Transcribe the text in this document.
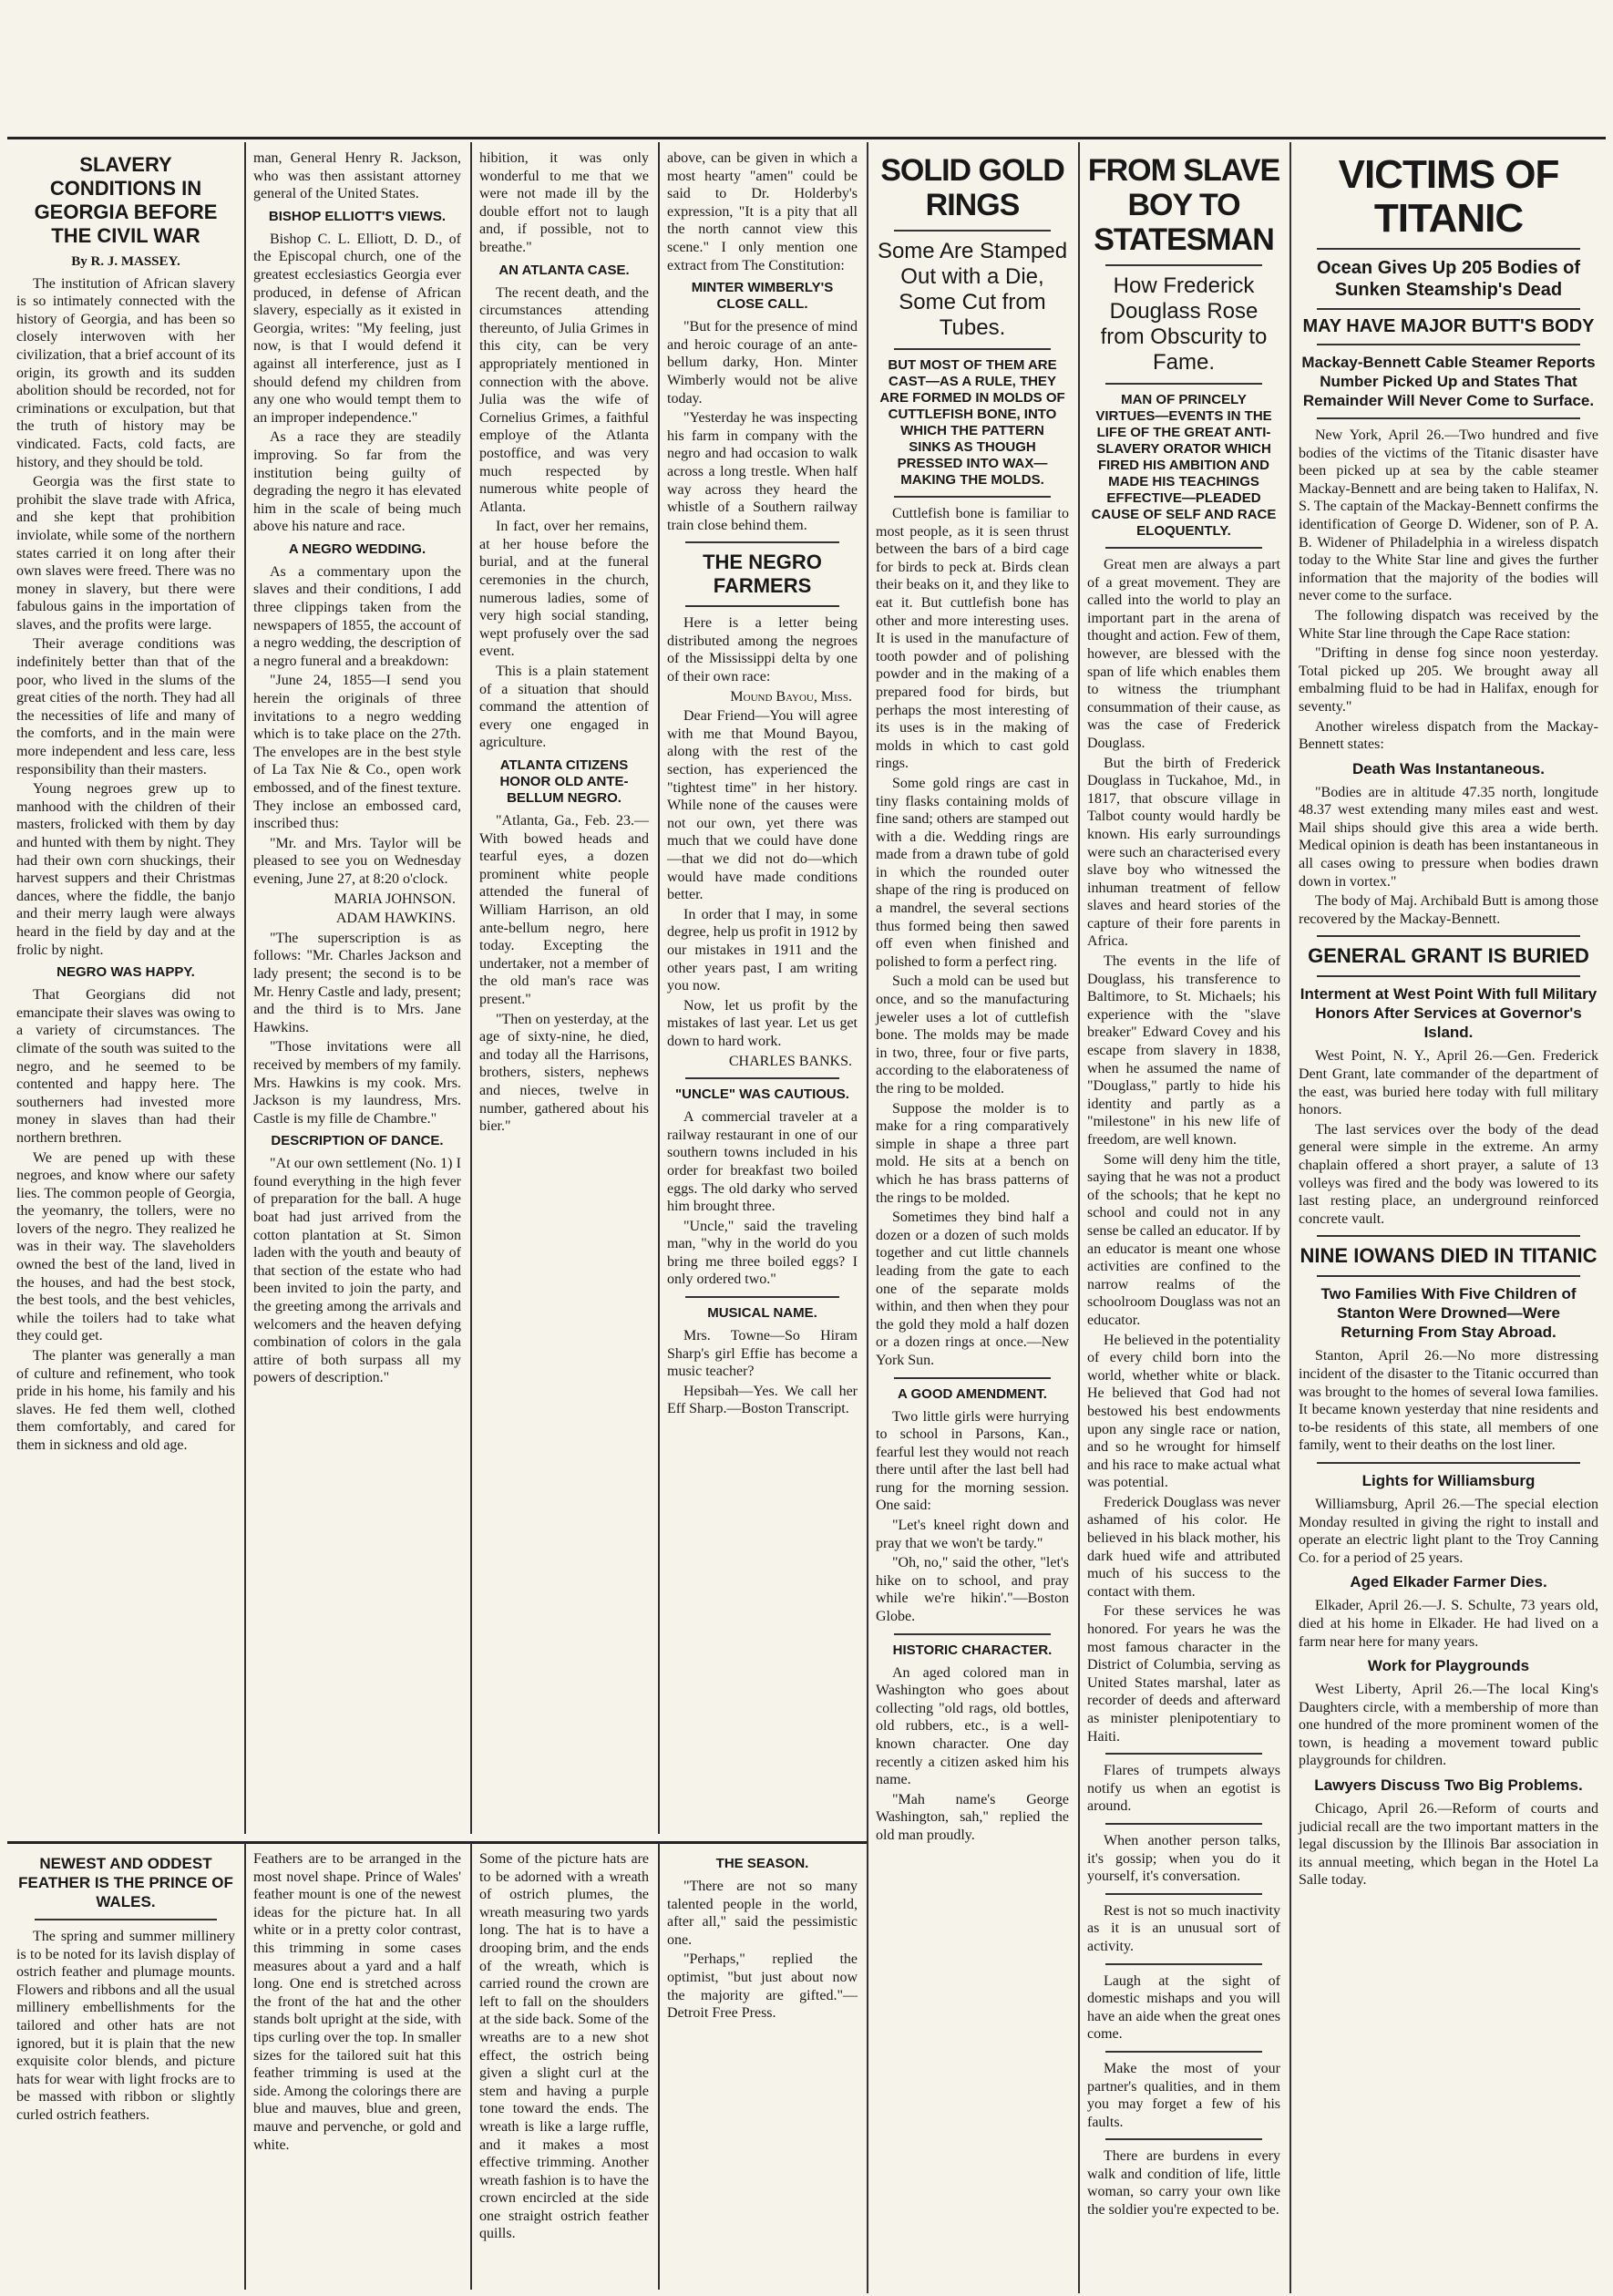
SLAVERY CONDITIONS IN GEORGIA BEFORE THE CIVIL WAR
By R. J. MASSEY.

The institution of African slavery is so intimately connected with the history of Georgia, and has been so closely interwoven with her civilization, that a brief account of its origin, its growth and its sudden abolition should be recorded, not for criminations or exculpation, but that the truth of history may be vindicated. Facts, cold facts, are history, and they should be told.

Georgia was the first state to prohibit the slave trade with Africa, and she kept that prohibition inviolate, while some of the northern states carried it on long after their own slaves were freed. There was no money in slavery, but there were fabulous gains in the importation of slaves, and the profits were large.

Their average conditions was indefinitely better than that of the poor, who lived in the slums of the great cities of the north. They had all the necessities of life and many of the comforts, and in the main were more independent and less care, less responsibility than their masters.

Young negroes grew up to manhood with the children of their masters, frolicked with them by day and hunted with them by night. They had their own corn shuckings, their harvest suppers and their Christmas dances, where the fiddle, the banjo and their merry laugh were always heard in the field by day and at the frolic by night.

NEGRO WAS HAPPY.

That Georgians did not emancipate their slaves was owing to a variety of circumstances. The climate of the south was suited to the negro, and he seemed to be contented and happy here. The southerners had invested more money in slaves than had their northern brethren.

We are pened up with these negroes, and know where our safety lies. The common people of Georgia, the yeomanry, the tollers, were no lovers of the negro. They realized he was in their way. The slaveholders owned the best of the land, lived in the houses, and had the best stock, the best tools, and the best vehicles, while the toilers had to take what they could get.

The planter was generally a man of culture and refinement, who took pride in his home, his family and his slaves. He fed them well, clothed them comfortably, and cared for them in sickness and old age.

man, General Henry R. Jackson, who was then assistant attorney general of the United States.

BISHOP ELLIOTT'S VIEWS.

Bishop C. L. Elliott, D. D., of the Episcopal church, one of the greatest ecclesiastics Georgia ever produced, in defense of African slavery, especially as it existed in Georgia, writes: "My feeling, just now, is that I would defend it against all interference, just as I should defend my children from any one who would tempt them to an improper independence."

As a race they are steadily improving. So far from the institution being guilty of degrading the negro it has elevated him in the scale of being much above his nature and race.

A NEGRO WEDDING.

As a commentary upon the slaves and their conditions, I add three clippings taken from the newspapers of 1855, the account of a negro wedding, the description of a negro funeral and a breakdown:

"June 24, 1855—I send you herein the originals of three invitations to a negro wedding which is to take place on the 27th. The envelopes are in the best style of La Tax Nie & Co., open work embossed, and of the finest texture. They inclose an embossed card, inscribed thus:

"Mr. and Mrs. Taylor will be pleased to see you on Wednesday evening, June 27, at 8:20 o'clock.

MARIA JOHNSON.
ADAM HAWKINS.

"The superscription is as follows: "Mr. Charles Jackson and lady present; the second is to be Mr. Henry Castle and lady, present; and the third is to Mrs. Jane Hawkins.

"Those invitations were all received by members of my family. Mrs. Hawkins is my cook. Mrs. Jackson is my laundress, Mrs. Castle is my fille de Chambre."

DESCRIPTION OF DANCE.

"At our own settlement (No. 1) I found everything in the high fever of preparation for the ball. A huge boat had just arrived from the cotton plantation at St. Simon laden with the youth and beauty of that section of the estate who had been invited to join the party, and the greeting among the arrivals and welcomers and the heaven defying combination of colors in the gala attire of both surpass all my powers of description."

hibition, it was only wonderful to me that we were not made ill by the double effort not to laugh and, if possible, not to breathe."

AN ATLANTA CASE.

The recent death, and the circumstances attending thereunto, of Julia Grimes in this city, can be very appropriately mentioned in connection with the above. Julia was the wife of Cornelius Grimes, a faithful employe of the Atlanta postoffice, and was very much respected by numerous white people of Atlanta.

In fact, over her remains, at her house before the burial, and at the funeral ceremonies in the church, numerous ladies, some of very high social standing, wept profusely over the sad event.

This is a plain statement of a situation that should command the attention of every one engaged in agriculture.

ATLANTA CITIZENS HONOR OLD ANTE-BELLUM NEGRO.

"Atlanta, Ga., Feb. 23.—With bowed heads and tearful eyes, a dozen prominent white people attended the funeral of William Harrison, an old ante-bellum negro, here today. Excepting the undertaker, not a member of the old man's race was present."

"Then on yesterday, at the age of sixty-nine, he died, and today all the Harrisons, brothers, sisters, nephews and nieces, twelve in number, gathered about his bier."

above, can be given in which a most hearty "amen" could be said to Dr. Holderby's expression, "It is a pity that all the north cannot view this scene." I only mention one extract from The Constitution:

MINTER WIMBERLY'S CLOSE CALL.

"But for the presence of mind and heroic courage of an ante-bellum darky, Hon. Minter Wimberly would not be alive today.

"Yesterday he was inspecting his farm in company with the negro and had occasion to walk across a long trestle. When half way across they heard the whistle of a Southern railway train close behind them.

THE NEGRO FARMERS

Here is a letter being distributed among the negroes of the Mississippi delta by one of their own race:

Mound Bayou, Miss.

Dear Friend—You will agree with me that Mound Bayou, along with the rest of the section, has experienced the "tightest time" in her history. While none of the causes were not our own, yet there was much that we could have done—that we did not do—which would have made conditions better.

In order that I may, in some degree, help us profit in 1912 by our mistakes in 1911 and the other years past, I am writing you now.

Now, let us profit by the mistakes of last year. Let us get down to hard work.

CHARLES BANKS.
"UNCLE" WAS CAUTIOUS.

A commercial traveler at a railway restaurant in one of our southern towns included in his order for breakfast two boiled eggs. The old darky who served him brought three.

"Uncle," said the traveling man, "why in the world do you bring me three boiled eggs? I only ordered two."

MUSICAL NAME.

Mrs. Towne—So Hiram Sharp's girl Effie has become a music teacher?

Hepsibah—Yes. We call her Eff Sharp.—Boston Transcript.

SOLID GOLD RINGS
Some Are Stamped Out with a Die, Some Cut from Tubes.
BUT MOST OF THEM ARE CAST—AS A RULE, THEY ARE FORMED IN MOLDS OF CUTTLEFISH BONE, INTO WHICH THE PATTERN SINKS AS THOUGH PRESSED INTO WAX—MAKING THE MOLDS.

Cuttlefish bone is familiar to most people, as it is seen thrust between the bars of a bird cage for birds to peck at. Birds clean their beaks on it, and they like to eat it. But cuttlefish bone has other and more interesting uses. It is used in the manufacture of tooth powder and of polishing powder and in the making of a prepared food for birds, but perhaps the most interesting of its uses is in the making of molds in which to cast gold rings.

Some gold rings are cast in tiny flasks containing molds of fine sand; others are stamped out with a die. Wedding rings are made from a drawn tube of gold in which the rounded outer shape of the ring is produced on a mandrel, the several sections thus formed being then sawed off even when finished and polished to form a perfect ring.

Such a mold can be used but once, and so the manufacturing jeweler uses a lot of cuttlefish bone. The molds may be made in two, three, four or five parts, according to the elaborateness of the ring to be molded.

Suppose the molder is to make for a ring comparatively simple in shape a three part mold. He sits at a bench on which he has brass patterns of the rings to be molded.

Sometimes they bind half a dozen or a dozen of such molds together and cut little channels leading from the gate to each one of the separate molds within, and then when they pour the gold they mold a half dozen or a dozen rings at once.—New York Sun.

A GOOD AMENDMENT.

Two little girls were hurrying to school in Parsons, Kan., fearful lest they would not reach there until after the last bell had rung for the morning session. One said:

"Let's kneel right down and pray that we won't be tardy."

"Oh, no," said the other, "let's hike on to school, and pray while we're hikin'."—Boston Globe.

HISTORIC CHARACTER.

An aged colored man in Washington who goes about collecting "old rags, old bottles, old rubbers, etc., is a well-known character. One day recently a citizen asked him his name.

"Mah name's George Washington, sah," replied the old man proudly.

FROM SLAVE BOY TO STATESMAN
How Frederick Douglass Rose from Obscurity to Fame.
MAN OF PRINCELY VIRTUES—EVENTS IN THE LIFE OF THE GREAT ANTI-SLAVERY ORATOR WHICH FIRED HIS AMBITION AND MADE HIS TEACHINGS EFFECTIVE—PLEADED CAUSE OF SELF AND RACE ELOQUENTLY.

Great men are always a part of a great movement. They are called into the world to play an important part in the arena of thought and action. Few of them, however, are blessed with the span of life which enables them to witness the triumphant consummation of their cause, as was the case of Frederick Douglass.

But the birth of Frederick Douglass in Tuckahoe, Md., in 1817, that obscure village in Talbot county would hardly be known. His early surroundings were such an characterised every slave boy who witnessed the inhuman treatment of fellow slaves and heard stories of the capture of their fore parents in Africa.

The events in the life of Douglass, his transference to Baltimore, to St. Michaels; his experience with the "slave breaker" Edward Covey and his escape from slavery in 1838, when he assumed the name of "Douglass," partly to hide his identity and partly as a "milestone" in his new life of freedom, are well known.

Some will deny him the title, saying that he was not a product of the schools; that he kept no school and could not in any sense be called an educator. If by an educator is meant one whose activities are confined to the narrow realms of the schoolroom Douglass was not an educator.

He believed in the potentiality of every child born into the world, whether white or black. He believed that God had not bestowed his best endowments upon any single race or nation, and so he wrought for himself and his race to make actual what was potential.

Frederick Douglass was never ashamed of his color. He believed in his black mother, his dark hued wife and attributed much of his success to the contact with them.

For these services he was honored. For years he was the most famous character in the District of Columbia, serving as United States marshal, later as recorder of deeds and afterward as minister plenipotentiary to Haiti.

Flares of trumpets always notify us when an egotist is around.

When another person talks, it's gossip; when you do it yourself, it's conversation.

Rest is not so much inactivity as it is an unusual sort of activity.

Laugh at the sight of domestic mishaps and you will have an aide when the great ones come.

Make the most of your partner's qualities, and in them you may forget a few of his faults.

There are burdens in every walk and condition of life, little woman, so carry your own like the soldier you're expected to be.

VICTIMS OF TITANIC
Ocean Gives Up 205 Bodies of Sunken Steamship's Dead
MAY HAVE MAJOR BUTT'S BODY
Mackay-Bennett Cable Steamer Reports Number Picked Up and States That Remainder Will Never Come to Surface.

New York, April 26.—Two hundred and five bodies of the victims of the Titanic disaster have been picked up at sea by the cable steamer Mackay-Bennett and are being taken to Halifax, N. S. The captain of the Mackay-Bennett confirms the identification of George D. Widener, son of P. A. B. Widener of Philadelphia in a wireless dispatch today to the White Star line and gives the further information that the majority of the bodies will never come to the surface.

The following dispatch was received by the White Star line through the Cape Race station:

"Drifting in dense fog since noon yesterday. Total picked up 205. We brought away all embalming fluid to be had in Halifax, enough for seventy."

Another wireless dispatch from the Mackay-Bennett states:

Death Was Instantaneous.

"Bodies are in altitude 47.35 north, longitude 48.37 west extending many miles east and west. Mail ships should give this area a wide berth. Medical opinion is death has been instantaneous in all cases owing to pressure when bodies drawn down in vortex."

The body of Maj. Archibald Butt is among those recovered by the Mackay-Bennett.

GENERAL GRANT IS BURIED
Interment at West Point With full Military Honors After Services at Governor's Island.

West Point, N. Y., April 26.—Gen. Frederick Dent Grant, late commander of the department of the east, was buried here today with full military honors.

The last services over the body of the dead general were simple in the extreme. An army chaplain offered a short prayer, a salute of 13 volleys was fired and the body was lowered to its last resting place, an underground reinforced concrete vault.

NINE IOWANS DIED IN TITANIC
Two Families With Five Children of Stanton Were Drowned—Were Returning From Stay Abroad.

Stanton, April 26.—No more distressing incident of the disaster to the Titanic occurred than was brought to the homes of several Iowa families. It became known yesterday that nine residents and to-be residents of this state, all members of one family, went to their deaths on the lost liner.

Lights for Williamsburg

Williamsburg, April 26.—The special election Monday resulted in giving the right to install and operate an electric light plant to the Troy Canning Co. for a period of 25 years.

Aged Elkader Farmer Dies.

Elkader, April 26.—J. S. Schulte, 73 years old, died at his home in Elkader. He had lived on a farm near here for many years.

Work for Playgrounds

West Liberty, April 26.—The local King's Daughters circle, with a membership of more than one hundred of the more prominent women of the town, is heading a movement toward public playgrounds for children.

Lawyers Discuss Two Big Problems.

Chicago, April 26.—Reform of courts and judicial recall are the two important matters in the legal discussion by the Illinois Bar association in its annual meeting, which began in the Hotel La Salle today.

NEWEST AND ODDEST FEATHER IS THE PRINCE OF WALES.

The spring and summer millinery is to be noted for its lavish display of ostrich feather and plumage mounts. Flowers and ribbons and all the usual millinery embellishments for the tailored and other hats are not ignored, but it is plain that the new exquisite color blends, and picture hats for wear with light frocks are to be massed with ribbon or slightly curled ostrich feathers.

Feathers are to be arranged in the most novel shape. Prince of Wales' feather mount is one of the newest ideas for the picture hat. In all white or in a pretty color contrast, this trimming in some cases measures about a yard and a half long. One end is stretched across the front of the hat and the other stands bolt upright at the side, with tips curling over the top. In smaller sizes for the tailored suit hat this feather trimming is used at the side. Among the colorings there are blue and mauves, blue and green, mauve and pervenche, or gold and white.

Some of the picture hats are to be adorned with a wreath of ostrich plumes, the wreath measuring two yards long. The hat is to have a drooping brim, and the ends of the wreath, which is carried round the crown are left to fall on the shoulders at the side back. Some of the wreaths are to a new shot effect, the ostrich being given a slight curl at the stem and having a purple tone toward the ends. The wreath is like a large ruffle, and it makes a most effective trimming. Another wreath fashion is to have the crown encircled at the side one straight ostrich feather quills.

THE SEASON.

"There are not so many talented people in the world, after all," said the pessimistic one.

"Perhaps," replied the optimist, "but just about now the majority are gifted."—Detroit Free Press.
